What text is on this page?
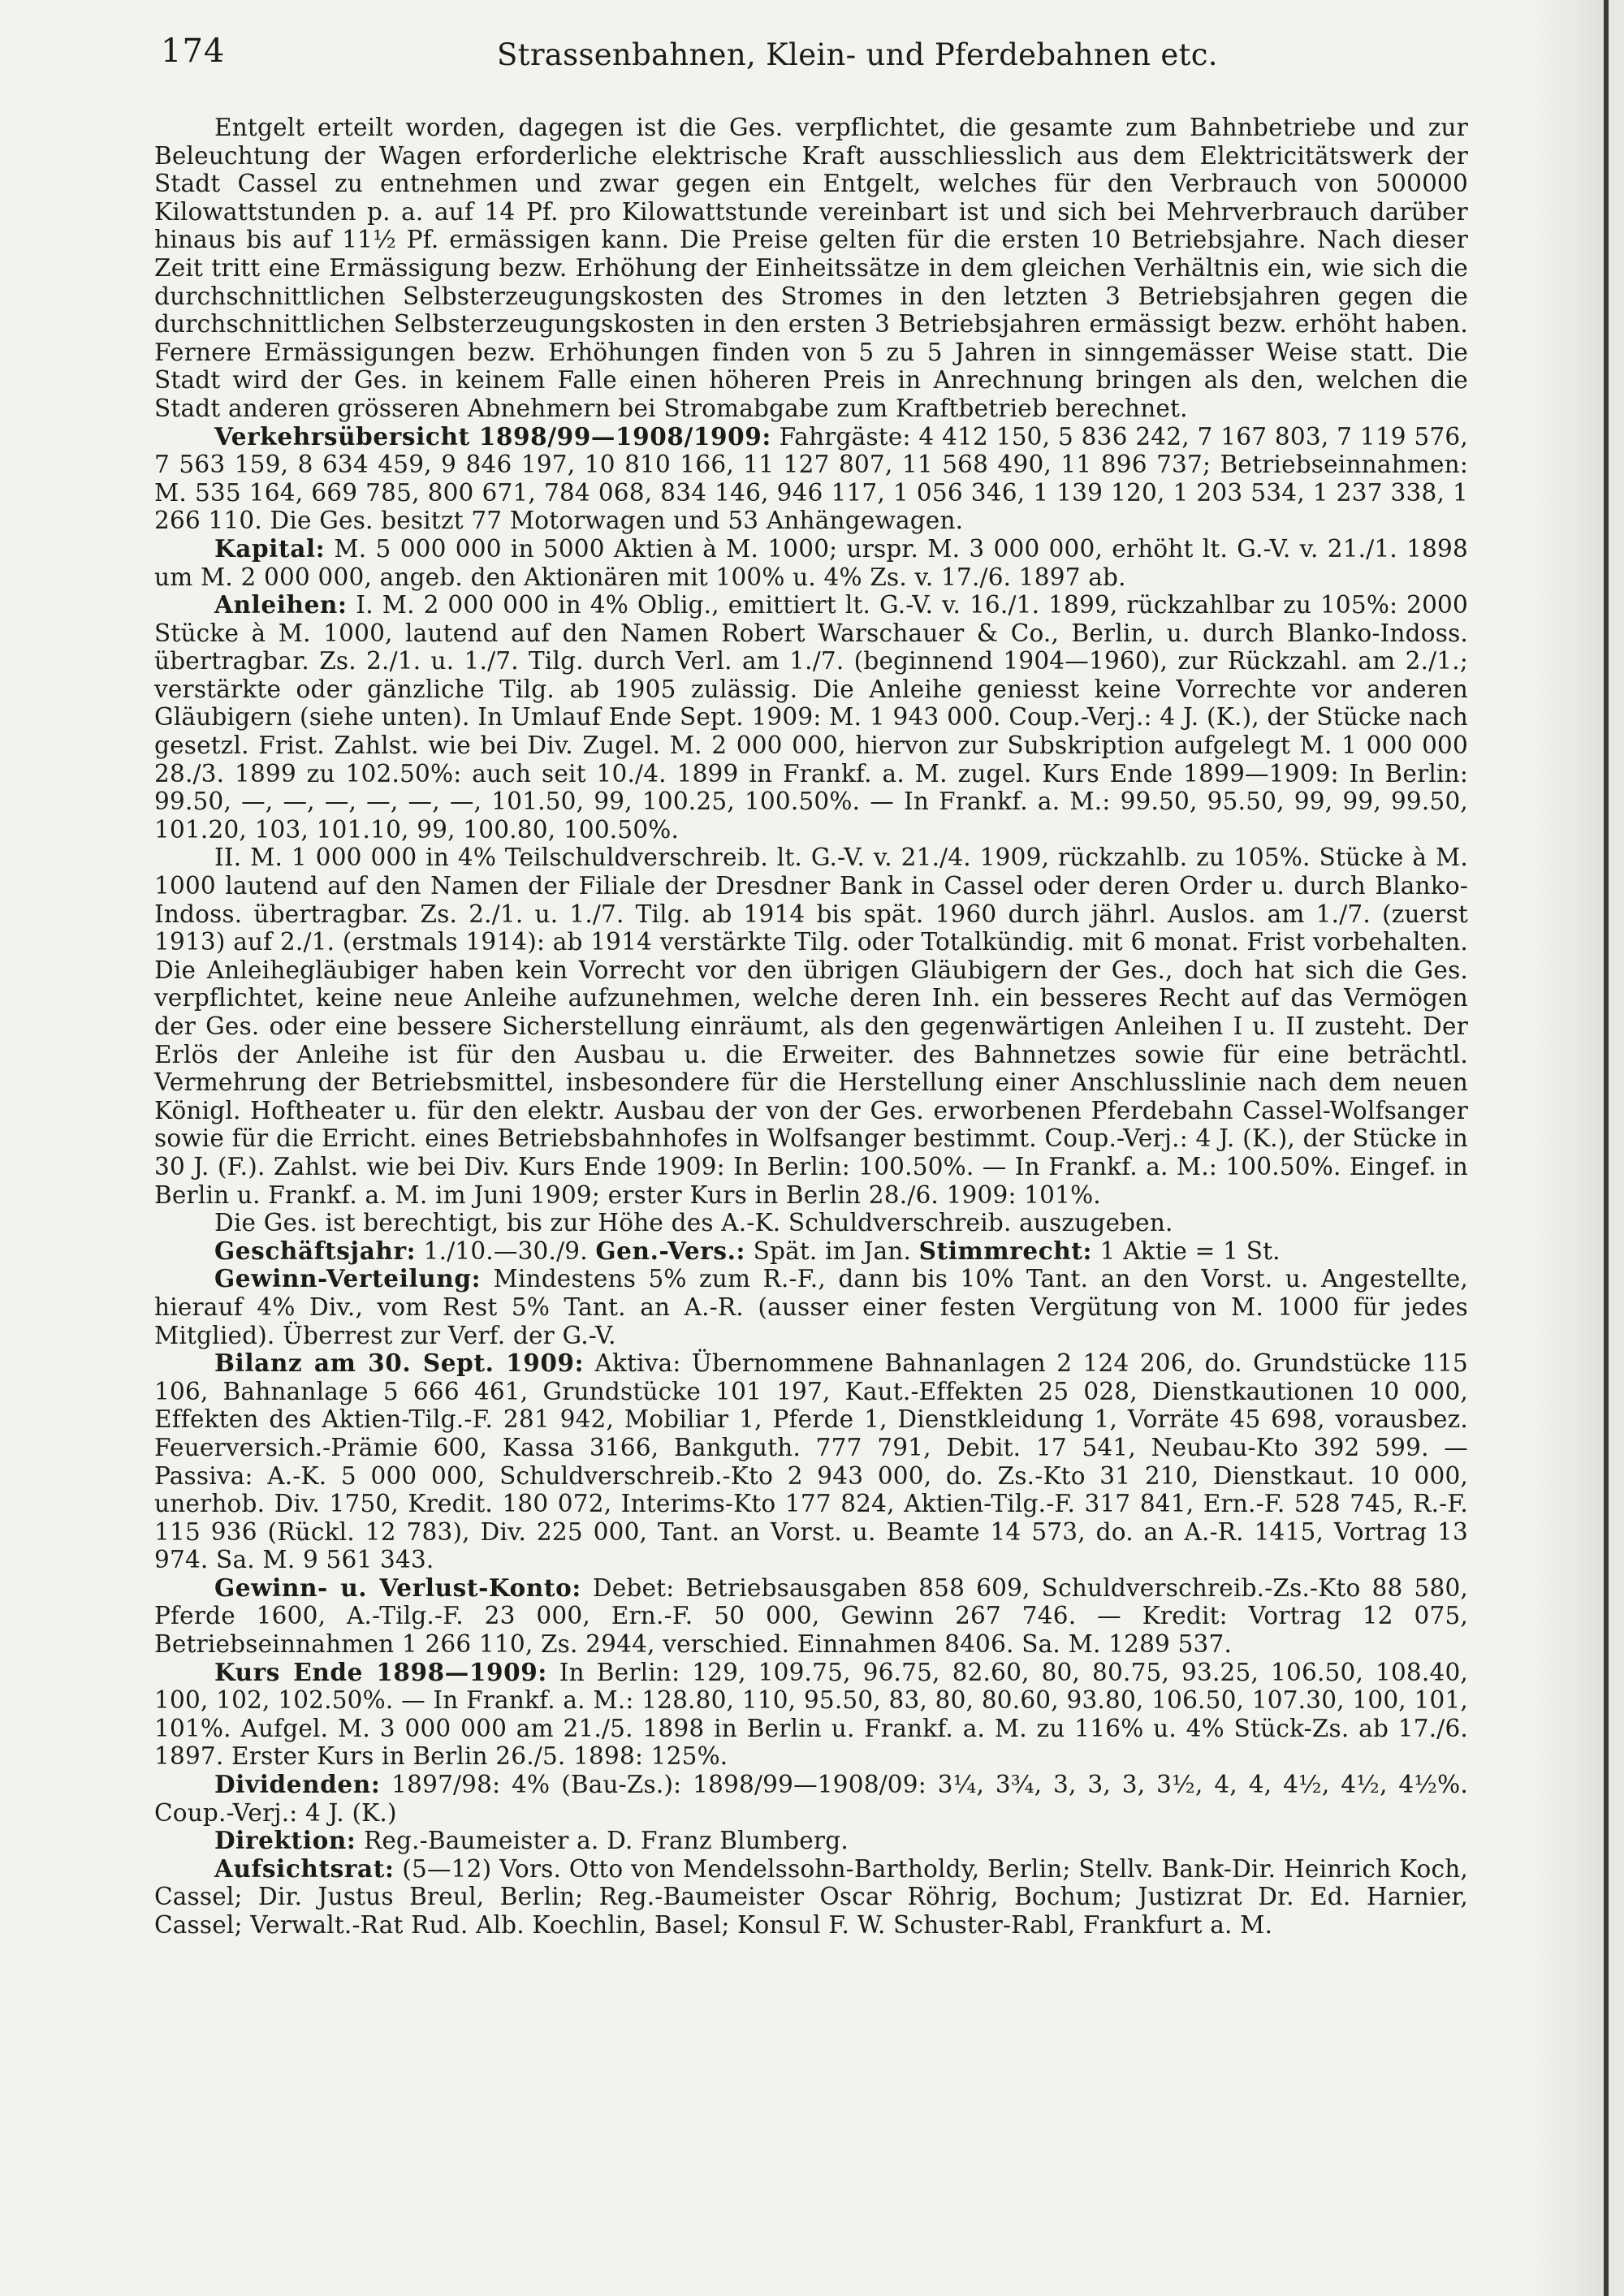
174	Strassenbahnen, Klein- und Pferdebahnen etc.

Entgelt erteilt worden, dagegen ist die Ges. verpflichtet, die gesamte zum Bahnbetriebe und zur Beleuchtung der Wagen erforderliche elektrische Kraft ausschliesslich aus dem Elektricitätswerk der Stadt Cassel zu entnehmen und zwar gegen ein Entgelt, welches für den Verbrauch von 500000 Kilowattstunden p. a. auf 14 Pf. pro Kilowattstunde vereinbart ist und sich bei Mehrverbrauch darüber hinaus bis auf 11½ Pf. ermässigen kann. Die Preise gelten für die ersten 10 Betriebsjahre. Nach dieser Zeit tritt eine Ermässigung bezw. Erhöhung der Einheitssätze in dem gleichen Verhältnis ein, wie sich die durchschnittlichen Selbsterzeugungskosten des Stromes in den letzten 3 Betriebsjahren gegen die durchschnittlichen Selbsterzeugungskosten in den ersten 3 Betriebsjahren ermässigt bezw. erhöht haben. Fernere Ermässigungen bezw. Erhöhungen finden von 5 zu 5 Jahren in sinngemässer Weise statt. Die Stadt wird der Ges. in keinem Falle einen höheren Preis in Anrechnung bringen als den, welchen die Stadt anderen grösseren Abnehmern bei Stromabgabe zum Kraftbetrieb berechnet.

Verkehrsübersicht 1898/99—1908/1909: Fahrgäste: 4 412 150, 5 836 242, 7 167 803, 7 119 576, 7 563 159, 8 634 459, 9 846 197, 10 810 166, 11 127 807, 11 568 490, 11 896 737; Betriebseinnahmen: M. 535 164, 669 785, 800 671, 784 068, 834 146, 946 117, 1 056 346, 1 139 120, 1 203 534, 1 237 338, 1 266 110. Die Ges. besitzt 77 Motorwagen und 53 Anhängewagen.

Kapital: M. 5 000 000 in 5000 Aktien à M. 1000; urspr. M. 3 000 000, erhöht lt. G.-V. v. 21./1. 1898 um M. 2 000 000, angeb. den Aktionären mit 100% u. 4% Zs. v. 17./6. 1897 ab.

Anleihen: I. M. 2 000 000 in 4% Oblig., emittiert lt. G.-V. v. 16./1. 1899, rückzahlbar zu 105%: 2000 Stücke à M. 1000, lautend auf den Namen Robert Warschauer & Co., Berlin, u. durch Blanko-Indoss. übertragbar. Zs. 2./1. u. 1./7. Tilg. durch Verl. am 1./7. (beginnend 1904—1960), zur Rückzahl. am 2./1.; verstärkte oder gänzliche Tilg. ab 1905 zulässig. Die Anleihe geniesst keine Vorrechte vor anderen Gläubigern (siehe unten). In Umlauf Ende Sept. 1909: M. 1 943 000. Coup.-Verj.: 4 J. (K.), der Stücke nach gesetzl. Frist. Zahlst. wie bei Div. Zugel. M. 2 000 000, hiervon zur Subskription aufgelegt M. 1 000 000 28./3. 1899 zu 102.50%: auch seit 10./4. 1899 in Frankf. a. M. zugel. Kurs Ende 1899—1909: In Berlin: 99.50, —, —, —, —, —, —, 101.50, 99, 100.25, 100.50%. — In Frankf. a. M.: 99.50, 95.50, 99, 99, 99.50, 101.20, 103, 101.10, 99, 100.80, 100.50%.

II. M. 1 000 000 in 4% Teilschuldverschreib. lt. G.-V. v. 21./4. 1909, rückzahlb. zu 105%. Stücke à M. 1000 lautend auf den Namen der Filiale der Dresdner Bank in Cassel oder deren Order u. durch Blanko-Indoss. übertragbar. Zs. 2./1. u. 1./7. Tilg. ab 1914 bis spät. 1960 durch jährl. Auslos. am 1./7. (zuerst 1913) auf 2./1. (erstmals 1914): ab 1914 verstärkte Tilg. oder Totalkündig. mit 6 monat. Frist vorbehalten. Die Anleihegläubiger haben kein Vorrecht vor den übrigen Gläubigern der Ges., doch hat sich die Ges. verpflichtet, keine neue Anleihe aufzunehmen, welche deren Inh. ein besseres Recht auf das Vermögen der Ges. oder eine bessere Sicherstellung einräumt, als den gegenwärtigen Anleihen I u. II zusteht. Der Erlös der Anleihe ist für den Ausbau u. die Erweiter. des Bahnnetzes sowie für eine beträchtl. Vermehrung der Betriebsmittel, insbesondere für die Herstellung einer Anschlusslinie nach dem neuen Königl. Hoftheater u. für den elektr. Ausbau der von der Ges. erworbenen Pferdebahn Cassel-Wolfsanger sowie für die Erricht. eines Betriebsbahnhofes in Wolfsanger bestimmt. Coup.-Verj.: 4 J. (K.), der Stücke in 30 J. (F.). Zahlst. wie bei Div. Kurs Ende 1909: In Berlin: 100.50%. — In Frankf. a. M.: 100.50%. Eingef. in Berlin u. Frankf. a. M. im Juni 1909; erster Kurs in Berlin 28./6. 1909: 101%.

Die Ges. ist berechtigt, bis zur Höhe des A.-K. Schuldverschreib. auszugeben.

Geschäftsjahr: 1./10.—30./9. Gen.-Vers.: Spät. im Jan. Stimmrecht: 1 Aktie = 1 St.

Gewinn-Verteilung: Mindestens 5% zum R.-F., dann bis 10% Tant. an den Vorst. u. Angestellte, hierauf 4% Div., vom Rest 5% Tant. an A.-R. (ausser einer festen Vergütung von M. 1000 für jedes Mitglied). Überrest zur Verf. der G.-V.

Bilanz am 30. Sept. 1909: Aktiva: Übernommene Bahnanlagen 2 124 206, do. Grundstücke 115 106, Bahnanlage 5 666 461, Grundstücke 101 197, Kaut.-Effekten 25 028, Dienstkautionen 10 000, Effekten des Aktien-Tilg.-F. 281 942, Mobiliar 1, Pferde 1, Dienstkleidung 1, Vorräte 45 698, vorausbez. Feuerversich.-Prämie 600, Kassa 3166, Bankguth. 777 791, Debit. 17 541, Neubau-Kto 392 599. — Passiva: A.-K. 5 000 000, Schuldverschreib.-Kto 2 943 000, do. Zs.-Kto 31 210, Dienstkaut. 10 000, unerhob. Div. 1750, Kredit. 180 072, Interims-Kto 177 824, Aktien-Tilg.-F. 317 841, Ern.-F. 528 745, R.-F. 115 936 (Rückl. 12 783), Div. 225 000, Tant. an Vorst. u. Beamte 14 573, do. an A.-R. 1415, Vortrag 13 974. Sa. M. 9 561 343.

Gewinn- u. Verlust-Konto: Debet: Betriebsausgaben 858 609, Schuldverschreib.-Zs.-Kto 88 580, Pferde 1600, A.-Tilg.-F. 23 000, Ern.-F. 50 000, Gewinn 267 746. — Kredit: Vortrag 12 075, Betriebseinnahmen 1 266 110, Zs. 2944, verschied. Einnahmen 8406. Sa. M. 1289 537.

Kurs Ende 1898—1909: In Berlin: 129, 109.75, 96.75, 82.60, 80, 80.75, 93.25, 106.50, 108.40, 100, 102, 102.50%. — In Frankf. a. M.: 128.80, 110, 95.50, 83, 80, 80.60, 93.80, 106.50, 107.30, 100, 101, 101%. Aufgel. M. 3 000 000 am 21./5. 1898 in Berlin u. Frankf. a. M. zu 116% u. 4% Stück-Zs. ab 17./6. 1897. Erster Kurs in Berlin 26./5. 1898: 125%.

Dividenden: 1897/98: 4% (Bau-Zs.): 1898/99—1908/09: 3¼, 3¾, 3, 3, 3, 3½, 4, 4, 4½, 4½, 4½%. Coup.-Verj.: 4 J. (K.)

Direktion: Reg.-Baumeister a. D. Franz Blumberg.

Aufsichtsrat: (5—12) Vors. Otto von Mendelssohn-Bartholdy, Berlin; Stellv. Bank-Dir. Heinrich Koch, Cassel; Dir. Justus Breul, Berlin; Reg.-Baumeister Oscar Röhrig, Bochum; Justizrat Dr. Ed. Harnier, Cassel; Verwalt.-Rat Rud. Alb. Koechlin, Basel; Konsul F. W. Schuster-Rabl, Frankfurt a. M.
